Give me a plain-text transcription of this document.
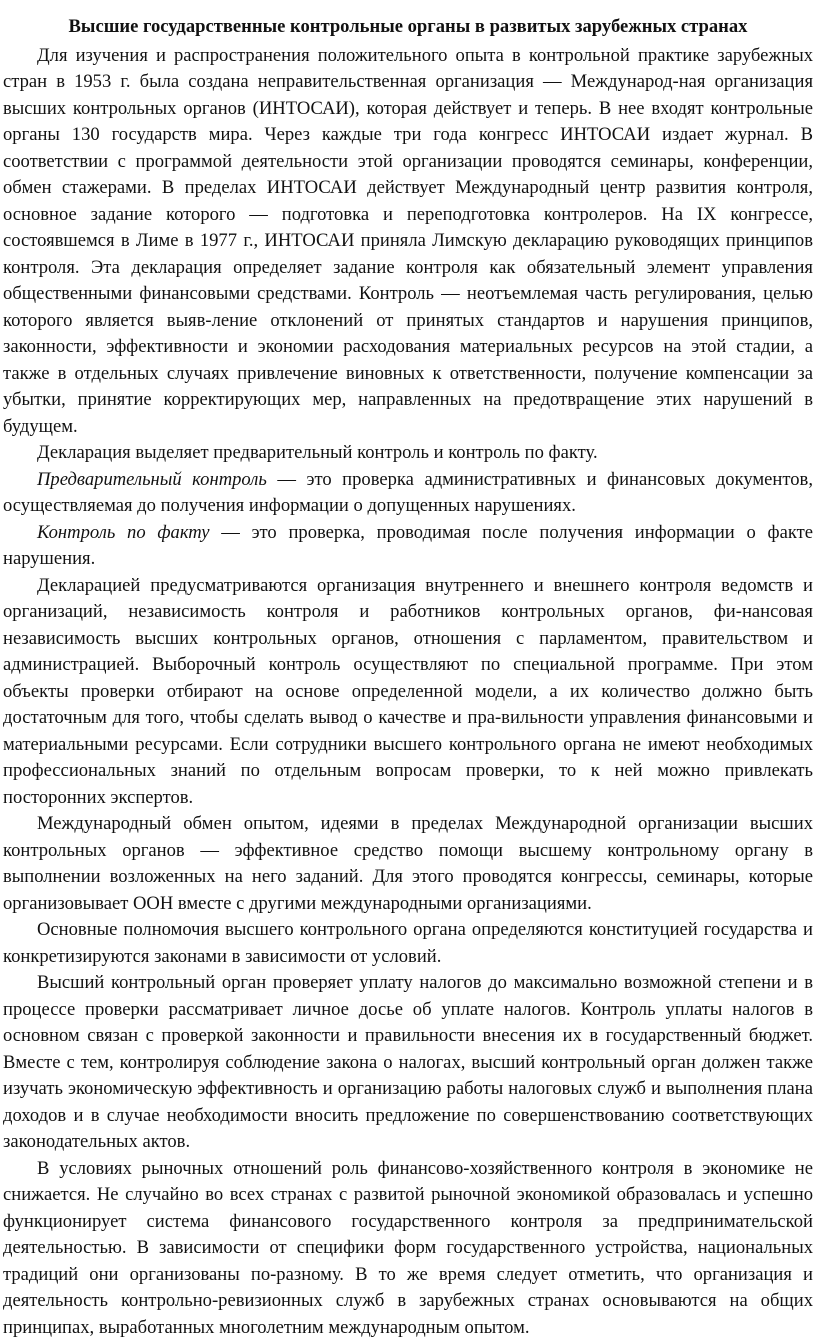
Высшие государственные контрольные органы в развитых зарубежных странах

Для изучения и распространения положительного опыта в контрольной практике зарубежных стран в 1953 г. была создана неправительственная организация — Международ-ная организация высших контрольных органов (ИНТОСАИ), которая действует и теперь. В нее входят контрольные органы 130 государств мира. Через каждые три года конгресс ИНТОСАИ издает журнал. В соответствии с программой деятельности этой организации проводятся семинары, конференции, обмен стажерами. В пределах ИНТОСАИ действует Международный центр развития контроля, основное задание которого — подготовка и переподготовка контролеров. На IX конгрессе, состоявшемся в Лиме в 1977 г., ИНТОСАИ приняла Лимскую декларацию руководящих принципов контроля. Эта декларация определяет задание контроля как обязательный элемент управления общественными финансовыми средствами. Контроль — неотъемлемая часть регулирования, целью которого является выяв-ление отклонений от принятых стандартов и нарушения принципов, законности, эффективности и экономии расходования материальных ресурсов на этой стадии, а также в отдельных случаях привлечение виновных к ответственности, получение компенсации за убытки, принятие корректирующих мер, направленных на предотвращение этих нарушений в будущем.

Декларация выделяет предварительный контроль и контроль по факту.

Предварительный контроль — это проверка административных и финансовых документов, осуществляемая до получения информации о допущенных нарушениях.

Контроль по факту — это проверка, проводимая после получения информации о факте нарушения.

Декларацией предусматриваются организация внутреннего и внешнего контроля ведомств и организаций, независимость контроля и работников контрольных органов, фи-нансовая независимость высших контрольных органов, отношения с парламентом, правительством и администрацией. Выборочный контроль осуществляют по специальной программе. При этом объекты проверки отбирают на основе определенной модели, а их количество должно быть достаточным для того, чтобы сделать вывод о качестве и пра-вильности управления финансовыми и материальными ресурсами. Если сотрудники высшего контрольного органа не имеют необходимых профессиональных знаний по отдельным вопросам проверки, то к ней можно привлекать посторонних экспертов.

Международный обмен опытом, идеями в пределах Международной организации высших контрольных органов — эффективное средство помощи высшему контрольному органу в выполнении возложенных на него заданий. Для этого проводятся конгрессы, семинары, которые организовывает ООН вместе с другими международными организациями.

Основные полномочия высшего контрольного органа определяются конституцией государства и конкретизируются законами в зависимости от условий.

Высший контрольный орган проверяет уплату налогов до максимально возможной степени и в процессе проверки рассматривает личное досье об уплате налогов. Контроль уплаты налогов в основном связан с проверкой законности и правильности внесения их в государственный бюджет. Вместе с тем, контролируя соблюдение закона о налогах, высший контрольный орган должен также изучать экономическую эффективность и организацию работы налоговых служб и выполнения плана доходов и в случае необходимости вносить предложение по совершенствованию соответствующих законодательных актов.

В условиях рыночных отношений роль финансово-хозяйственного контроля в экономике не снижается. Не случайно во всех странах с развитой рыночной экономикой образовалась и успешно функционирует система финансового государственного контроля за предпринимательской деятельностью. В зависимости от специфики форм государственного устройства, национальных традиций они организованы по-разному. В то же время следует отметить, что организация и деятельность контрольно-ревизионных служб в зарубежных странах основываются на общих принципах, выработанных многолетним международным опытом.
